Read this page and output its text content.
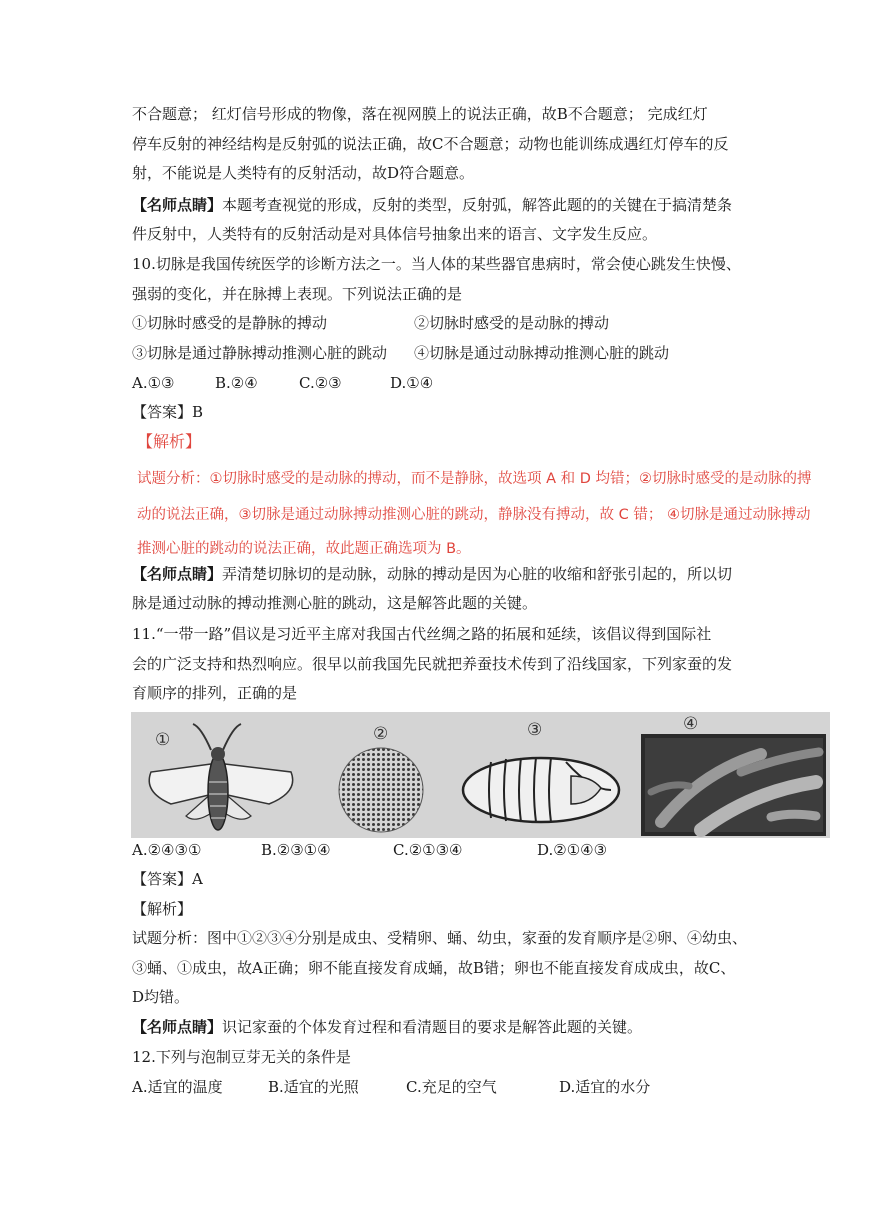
不合题意； 红灯信号形成的物像，落在视网膜上的说法正确，故B不合题意； 完成红灯
停车反射的神经结构是反射弧的说法正确，故C不合题意；动物也能训练成遇红灯停车的反
射，不能说是人类特有的反射活动，故D符合题意。
【名师点睛】本题考查视觉的形成，反射的类型，反射弧，解答此题的的关键在于搞清楚条
件反射中，人类特有的反射活动是对具体信号抽象出来的语言、文字发生反应。
10.切脉是我国传统医学的诊断方法之一。当人体的某些器官患病时，常会使心跳发生快慢、
强弱的变化，并在脉搏上表现。下列说法正确的是
①切脉时感受的是静脉的搏动	②切脉时感受的是动脉的搏动
③切脉是通过静脉搏动推测心脏的跳动 ④切脉是通过动脉搏动推测心脏的跳动
A.①③	B.②④	C.②③	D.①④
【答案】B
【解析】
试题分析：①切脉时感受的是动脉的搏动，而不是静脉，故选项 A 和 D 均错；②切脉时感受的是动脉的搏
动的说法正确，③切脉是通过动脉搏动推测心脏的跳动，静脉没有搏动，故 C 错； ④切脉是通过动脉搏动
推测心脏的跳动的说法正确，故此题正确选项为 B。
【名师点睛】弄清楚切脉切的是动脉，动脉的搏动是因为心脏的收缩和舒张引起的，所以切
脉是通过动脉的搏动推测心脏的跳动，这是解答此题的关键。
11.“一带一路”倡议是习近平主席对我国古代丝绸之路的拓展和延续，该倡议得到国际社
会的广泛支持和热烈响应。很早以前我国先民就把养蚕技术传到了沿线国家，下列家蚕的发
育顺序的排列，正确的是
①	②	③	④
A.②④③①	B.②③①④	C.②①③④	D.②①④③
【答案】A
【解析】
试题分析：图中①②③④分别是成虫、受精卵、蛹、幼虫，家蚕的发育顺序是②卵、④幼虫、
③蛹、①成虫，故A正确；卵不能直接发育成蛹，故B错；卵也不能直接发育成成虫，故C、
D均错。
【名师点睛】识记家蚕的个体发育过程和看清题目的要求是解答此题的关键。
12.下列与泡制豆芽无关的条件是
A.适宜的温度	B.适宜的光照	C.充足的空气	D.适宜的水分
